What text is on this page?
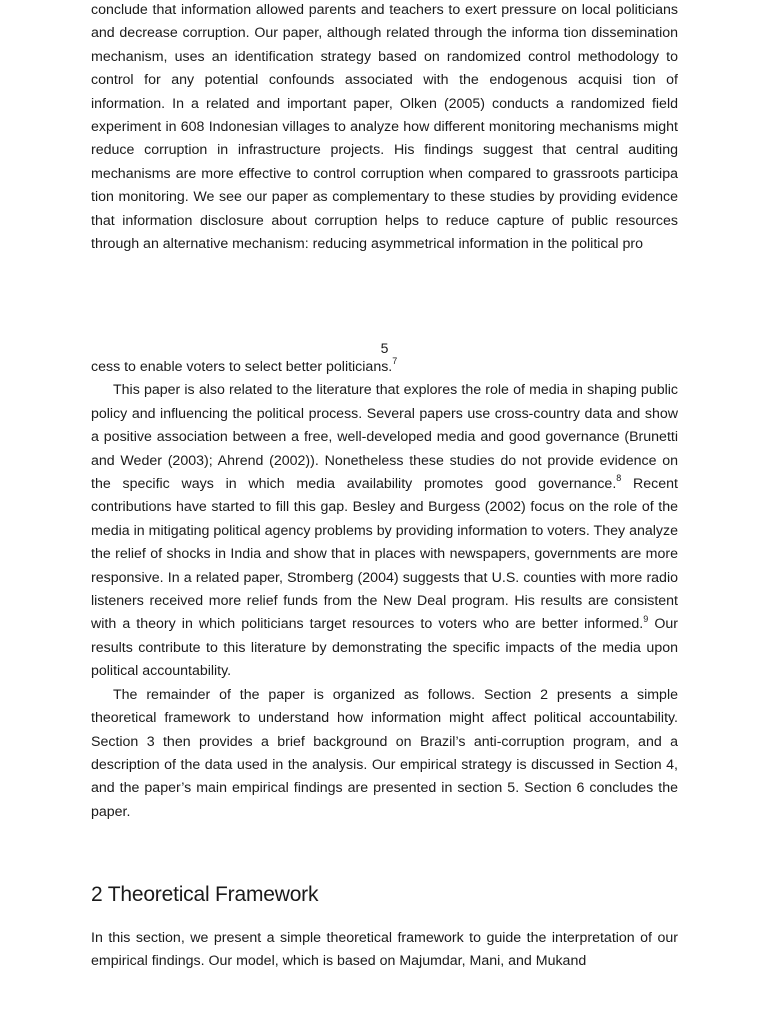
conclude that information allowed parents and teachers to exert pressure on local politicians and decrease corruption. Our paper, although related through the informa tion dissemination mechanism, uses an identification strategy based on randomized control methodology to control for any potential confounds associated with the endogenous acquisi tion of information. In a related and important paper, Olken (2005) conducts a randomized field experiment in 608 Indonesian villages to analyze how different monitoring mechanisms might reduce corruption in infrastructure projects. His findings suggest that central auditing mechanisms are more effective to control corruption when compared to grassroots participa tion monitoring. We see our paper as complementary to these studies by providing evidence that information disclosure about corruption helps to reduce capture of public resources through an alternative mechanism: reducing asymmetrical information in the political pro

5

cess to enable voters to select better politicians.$^7$

This paper is also related to the literature that explores the role of media in shaping public policy and influencing the political process. Several papers use cross-country data and show a positive association between a free, well-developed media and good governance (Brunetti and Weder (2003); Ahrend (2002)). Nonetheless these studies do not provide evidence on the specific ways in which media availability promotes good governance.$^8$ Recent contributions have started to fill this gap. Besley and Burgess (2002) focus on the role of the media in mitigating political agency problems by providing information to voters. They analyze the relief of shocks in India and show that in places with newspapers, governments are more responsive. In a related paper, Stromberg (2004) suggests that U.S. counties with more radio listeners received more relief funds from the New Deal program. His results are consistent with a theory in which politicians target resources to voters who are better informed.$^9$ Our results contribute to this literature by demonstrating the specific impacts of the media upon political accountability.

The remainder of the paper is organized as follows. Section 2 presents a simple theoretical framework to understand how information might affect political accountability. Section 3 then provides a brief background on Brazil’s anti-corruption program, and a description of the data used in the analysis. Our empirical strategy is discussed in Section 4, and the paper’s main empirical findings are presented in section 5. Section 6 concludes the paper.

2 Theoretical Framework

In this section, we present a simple theoretical framework to guide the interpretation of our empirical findings. Our model, which is based on Majumdar, Mani, and Mukand
